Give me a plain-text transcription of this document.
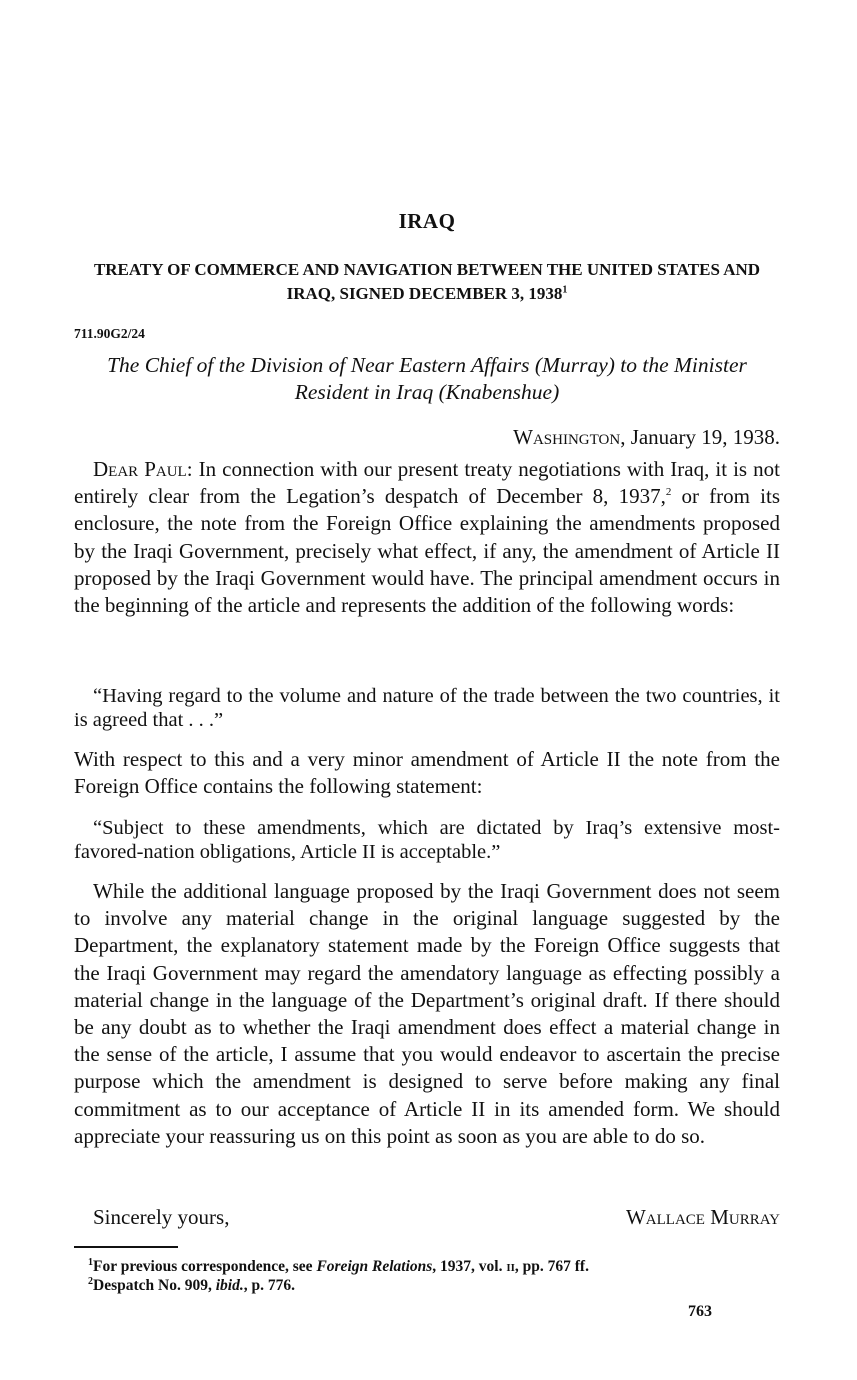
IRAQ
TREATY OF COMMERCE AND NAVIGATION BETWEEN THE UNITED STATES AND IRAQ, SIGNED DECEMBER 3, 1938$^1$
711.90G2/24
The Chief of the Division of Near Eastern Affairs (Murray) to the Minister Resident in Iraq (Knabenshue)
Washington, January 19, 1938.

Dear Paul: In connection with our present treaty negotiations with Iraq, it is not entirely clear from the Legation’s despatch of December 8, 1937,$^2$ or from its enclosure, the note from the Foreign Office explaining the amendments proposed by the Iraqi Government, precisely what effect, if any, the amendment of Article II proposed by the Iraqi Government would have. The principal amendment occurs in the beginning of the article and represents the addition of the following words:

“Having regard to the volume and nature of the trade between the two countries, it is agreed that . . .”

With respect to this and a very minor amendment of Article II the note from the Foreign Office contains the following statement:

“Subject to these amendments, which are dictated by Iraq’s extensive most-favored-nation obligations, Article II is acceptable.”

While the additional language proposed by the Iraqi Government does not seem to involve any material change in the original language suggested by the Department, the explanatory statement made by the Foreign Office suggests that the Iraqi Government may regard the amendatory language as effecting possibly a material change in the language of the Department’s original draft. If there should be any doubt as to whether the Iraqi amendment does effect a material change in the sense of the article, I assume that you would endeavor to ascertain the precise purpose which the amendment is designed to serve before making any final commitment as to our acceptance of Article II in its amended form. We should appreciate your reassuring us on this point as soon as you are able to do so.

Sincerely yours,	Wallace Murray
$^1$For previous correspondence, see Foreign Relations, 1937, vol. ii, pp. 767 ff.
$^2$Despatch No. 909, ibid., p. 776.
763
